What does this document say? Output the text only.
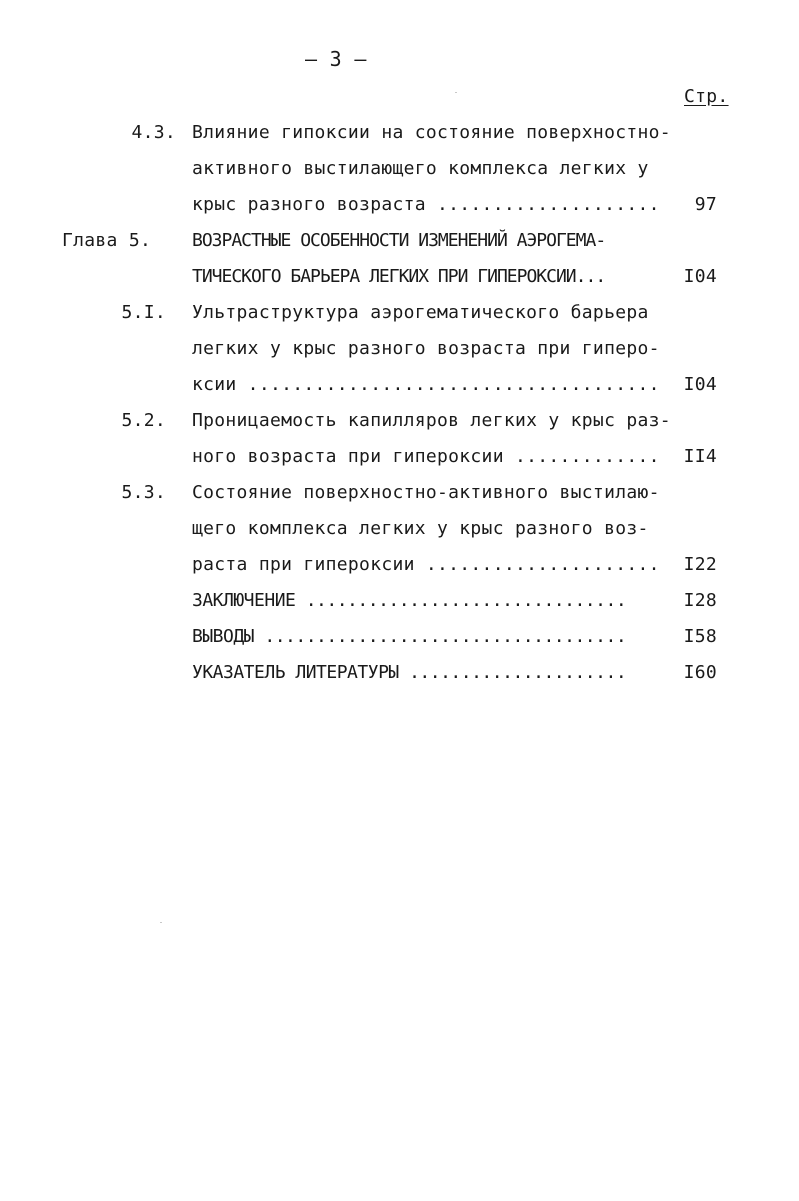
– 3 –
Стр.
4.3. Влияние гипоксии на состояние поверхностно-
активного выстилающего комплекса легких у
крыс разного возраста .................... 97
Глава 5. ВОЗРАСТНЫЕ ОСОБЕННОСТИ ИЗМЕНЕНИЙ АЭРОГЕМА-
ТИЧЕСКОГО БАРЬЕРА ЛЕГКИХ ПРИ ГИПЕРОКСИИ...	I04
5.I. Ультраструктура аэрогематического барьера
легких у крыс разного возраста при гиперо-
ксии ..................................... I04
5.2. Проницаемость капилляров легких у крыс раз-
ного возраста при гипероксии ............. II4
5.3. Состояние поверхностно-активного выстилаю-
щего комплекса легких у крыс разного воз-
раста при гипероксии ..................... I22
ЗАКЛЮЧЕНИЕ ...............................	I28
ВЫВОДЫ ...................................	I58
УКАЗАТЕЛЬ ЛИТЕРАТУРЫ .....................	I60
